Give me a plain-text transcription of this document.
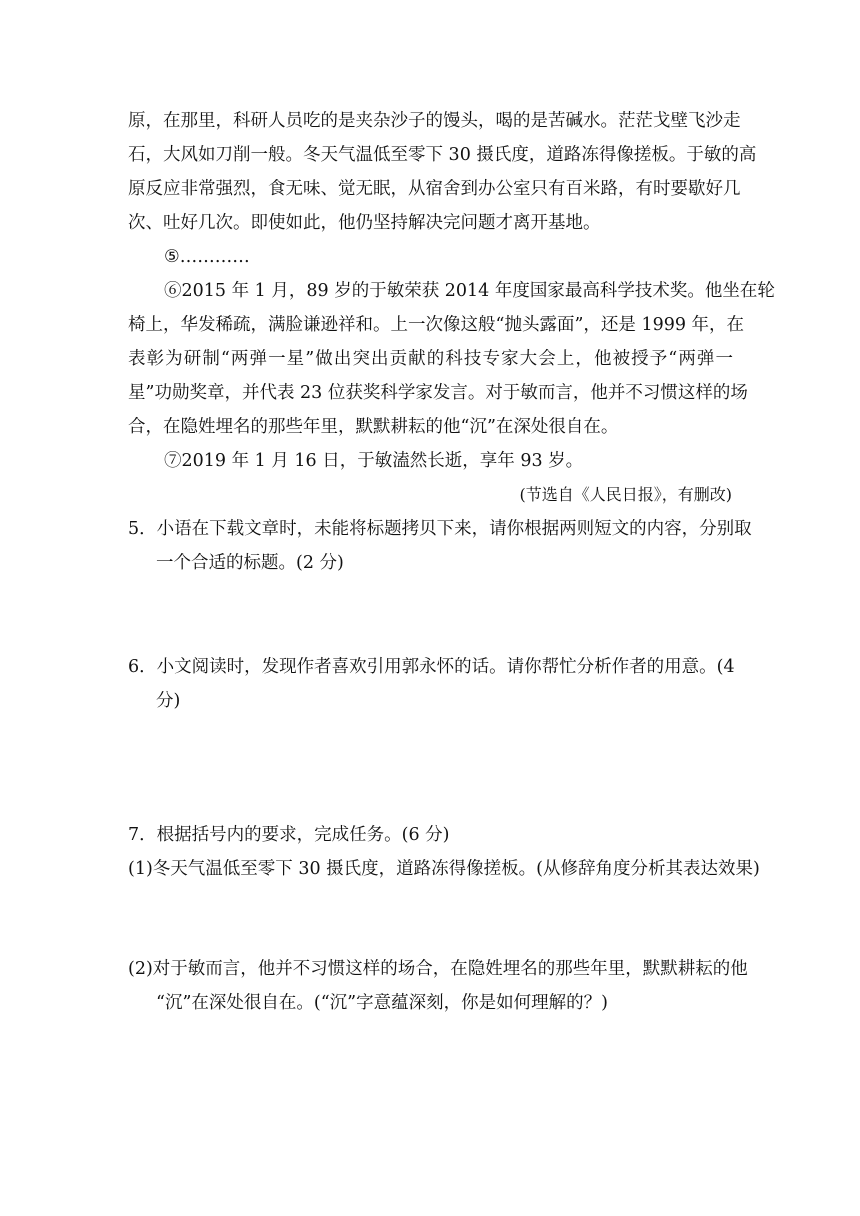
原，在那里，科研人员吃的是夹杂沙子的馒头，喝的是苦碱水。茫茫戈壁飞沙走
石，大风如刀削一般。冬天气温低至零下 30 摄氏度，道路冻得像搓板。于敏的高
原反应非常强烈，食无味、觉无眠，从宿舍到办公室只有百米路，有时要歇好几
次、吐好几次。即使如此，他仍坚持解决完问题才离开基地。
⑤…………
⑥2015 年 1 月，89 岁的于敏荣获 2014 年度国家最高科学技术奖。他坐在轮
椅上，华发稀疏，满脸谦逊祥和。上一次像这般“抛头露面”，还是 1999 年，在
表彰为研制“两弹一星”做出突出贡献的科技专家大会上，他被授予“两弹一
星”功勋奖章，并代表 23 位获奖科学家发言。对于敏而言，他并不习惯这样的场
合，在隐姓埋名的那些年里，默默耕耘的他“沉”在深处很自在。
⑦2019 年 1 月 16 日，于敏溘然长逝，享年 93 岁。
(节选自《人民日报》，有删改)
5．小语在下载文章时，未能将标题拷贝下来，请你根据两则短文的内容，分别取
一个合适的标题。(2 分)
6．小文阅读时，发现作者喜欢引用郭永怀的话。请你帮忙分析作者的用意。(4
分)
7．根据括号内的要求，完成任务。(6 分)
(1)冬天气温低至零下 30 摄氏度，道路冻得像搓板。(从修辞角度分析其表达效果)
(2)对于敏而言，他并不习惯这样的场合，在隐姓埋名的那些年里，默默耕耘的他
“沉”在深处很自在。(“沉”字意蕴深刻，你是如何理解的？)
